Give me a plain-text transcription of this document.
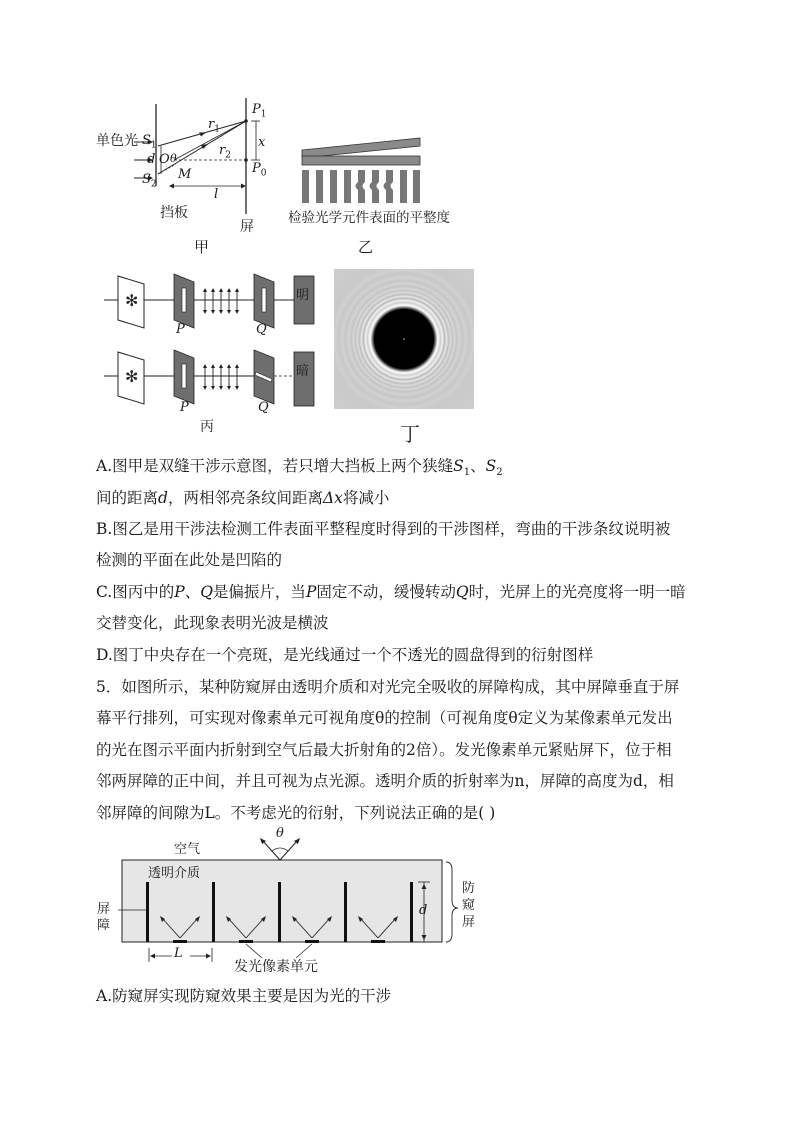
单色光 $S_1$
$S_2$
d O θ
M
$r_1$
$r_2$
$P_1$
$P_0$
x
l
挡板
屏
甲
检验光学元件表面的平整度
乙
✻
✻
P	Q
明
P	Q
暗
丙	丁
A.图甲是双缝干涉示意图，若只增大挡板上两个狭缝$S_1$、$S_2$
间的距离d，两相邻亮条纹间距离Δx将减小
B.图乙是用干涉法检测工件表面平整程度时得到的干涉图样，弯曲的干涉条纹说明被
检测的平面在此处是凹陷的
C.图丙中的P、Q是偏振片，当P固定不动，缓慢转动Q时，光屏上的光亮度将一明一暗
交替变化，此现象表明光波是横波
D.图丁中央存在一个亮斑，是光线通过一个不透光的圆盘得到的衍射图样
5．如图所示，某种防窥屏由透明介质和对光完全吸收的屏障构成，其中屏障垂直于屏
幕平行排列，可实现对像素单元可视角度θ的控制（可视角度θ定义为某像素单元发出
的光在图示平面内折射到空气后最大折射角的2倍）。发光像素单元紧贴屏下，位于相
邻两屏障的正中间，并且可视为点光源。透明介质的折射率为n，屏障的高度为d，相
邻屏障的间隙为L。不考虑光的衍射，下列说法正确的是( )
θ
空气
透明介质
屏
障
防
窥
屏
d
L
发光像素单元
A.防窥屏实现防窥效果主要是因为光的干涉
